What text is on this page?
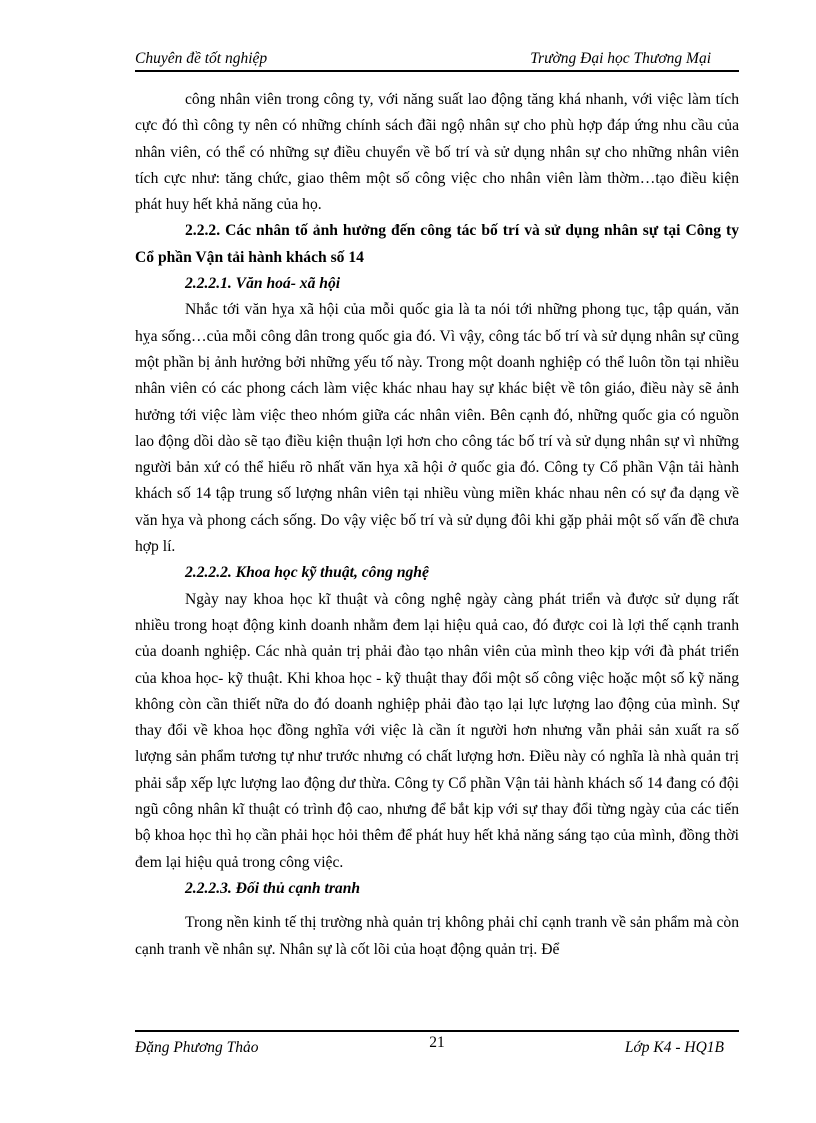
Chuyên đề tốt nghiệp	Trường Đại học Thương Mại

công nhân viên trong công ty, với năng suất lao động tăng khá nhanh, với việc làm tích cực đó thì công ty nên có những chính sách đãi ngộ nhân sự cho phù hợp đáp ứng nhu cầu của nhân viên, có thể có những sự điều chuyển về bố trí và sử dụng nhân sự cho những nhân viên tích cực như: tăng chức, giao thêm một số công việc cho nhân viên làm thờm…tạo điều kiện phát huy hết khả năng của họ.

2.2.2. Các nhân tố ảnh hưởng đến công tác bố trí và sử dụng nhân sự tại Công ty Cổ phần Vận tải hành khách số 14

2.2.2.1. Văn hoá- xã hội

Nhắc tới văn hỵa xã hội của mỗi quốc gia là ta nói tới những phong tục, tập quán, văn hỵa sống…của mỗi công dân trong quốc gia đó. Vì vậy, công tác bố trí và sử dụng nhân sự cũng một phần bị ảnh hưởng bởi những yếu tố này. Trong một doanh nghiệp có thể luôn tồn tại nhiều nhân viên có các phong cách làm việc khác nhau hay sự khác biệt về tôn giáo, điều này sẽ ảnh hưởng tới việc làm việc theo nhóm giữa các nhân viên. Bên cạnh đó, những quốc gia có nguồn lao động dồi dào sẽ tạo điều kiện thuận lợi hơn cho công tác bố trí và sử dụng nhân sự vì những người bản xứ có thể hiểu rõ nhất văn hỵa xã hội ở quốc gia đó. Công ty Cổ phần Vận tải hành khách số 14 tập trung số lượng nhân viên tại nhiều vùng miền khác nhau nên có sự đa dạng về văn hỵa và phong cách sống. Do vậy việc bố trí và sử dụng đôi khi gặp phải một số vấn đề chưa hợp lí.

2.2.2.2. Khoa học kỹ thuật, công nghệ

Ngày nay khoa học kĩ thuật và công nghệ ngày càng phát triển và được sử dụng rất nhiều trong hoạt động kinh doanh nhằm đem lại hiệu quả cao, đó được coi là lợi thế cạnh tranh của doanh nghiệp. Các nhà quản trị phải đào tạo nhân viên của mình theo kịp với đà phát triển của khoa học- kỹ thuật. Khi khoa học - kỹ thuật thay đổi một số công việc hoặc một số kỹ năng không còn cần thiết nữa do đó doanh nghiệp phải đào tạo lại lực lượng lao động của mình. Sự thay đổi về khoa học đồng nghĩa với việc là cần ít người hơn nhưng vẫn phải sản xuất ra số lượng sản phẩm tương tự như trước nhưng có chất lượng hơn. Điều này có nghĩa là nhà quản trị phải sắp xếp lực lượng lao động dư thừa. Công ty Cổ phần Vận tải hành khách số 14 đang có đội ngũ công nhân kĩ thuật có trình độ cao, nhưng để bắt kịp với sự thay đổi từng ngày của các tiến bộ khoa học thì họ cần phải học hỏi thêm để phát huy hết khả năng sáng tạo của mình, đồng thời đem lại hiệu quả trong công việc.

2.2.2.3. Đối thủ cạnh tranh

Trong nền kinh tế thị trường nhà quản trị không phải chỉ cạnh tranh về sản phẩm mà còn cạnh tranh về nhân sự. Nhân sự là cốt lõi của hoạt động quản trị. Để

Đặng Phương Thảo	21	Lớp K4 - HQ1B
